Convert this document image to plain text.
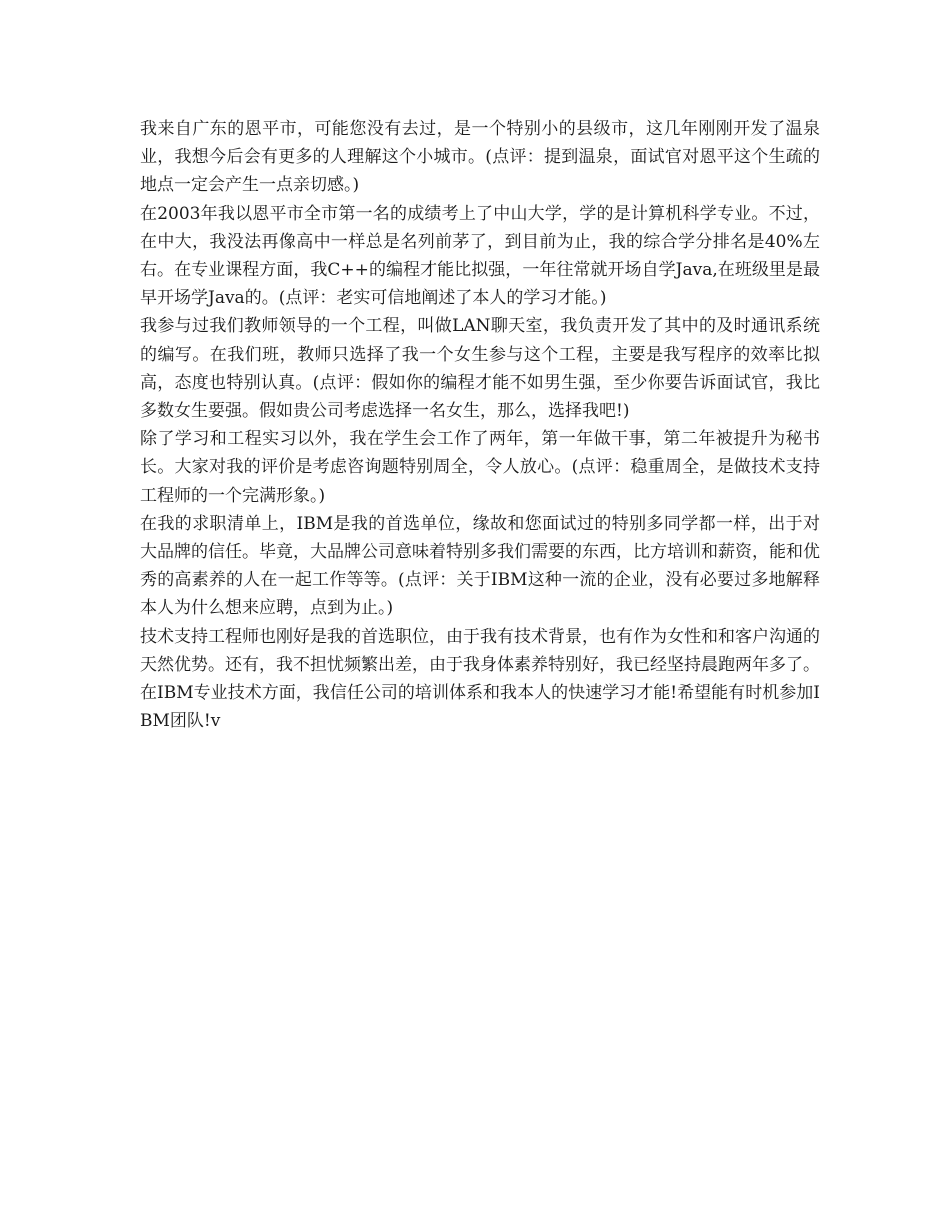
我来自广东的恩平市，可能您没有去过，是一个特别小的县级市，这几年刚刚开发了温泉业，我想今后会有更多的人理解这个小城市。(点评：提到温泉，面试官对恩平这个生疏的地点一定会产生一点亲切感。)

在2003年我以恩平市全市第一名的成绩考上了中山大学，学的是计算机科学专业。不过，在中大，我没法再像高中一样总是名列前茅了，到目前为止，我的综合学分排名是40%左右。在专业课程方面，我C++的编程才能比拟强，一年往常就开场自学Java,在班级里是最早开场学Java的。(点评：老实可信地阐述了本人的学习才能。)

我参与过我们教师领导的一个工程，叫做LAN聊天室，我负责开发了其中的及时通讯系统的编写。在我们班，教师只选择了我一个女生参与这个工程，主要是我写程序的效率比拟高，态度也特别认真。(点评：假如你的编程才能不如男生强，至少你要告诉面试官，我比多数女生要强。假如贵公司考虑选择一名女生，那么，选择我吧!)

除了学习和工程实习以外，我在学生会工作了两年，第一年做干事，第二年被提升为秘书长。大家对我的评价是考虑咨询题特别周全，令人放心。(点评：稳重周全，是做技术支持工程师的一个完满形象。)

在我的求职清单上，IBM是我的首选单位，缘故和您面试过的特别多同学都一样，出于对大品牌的信任。毕竟，大品牌公司意味着特别多我们需要的东西，比方培训和薪资，能和优秀的高素养的人在一起工作等等。(点评：关于IBM这种一流的企业，没有必要过多地解释本人为什么想来应聘，点到为止。)

技术支持工程师也刚好是我的首选职位，由于我有技术背景，也有作为女性和和客户沟通的天然优势。还有，我不担忧频繁出差，由于我身体素养特别好，我已经坚持晨跑两年多了。在IBM专业技术方面，我信任公司的培训体系和我本人的快速学习才能!希望能有时机参加IBM团队!v
